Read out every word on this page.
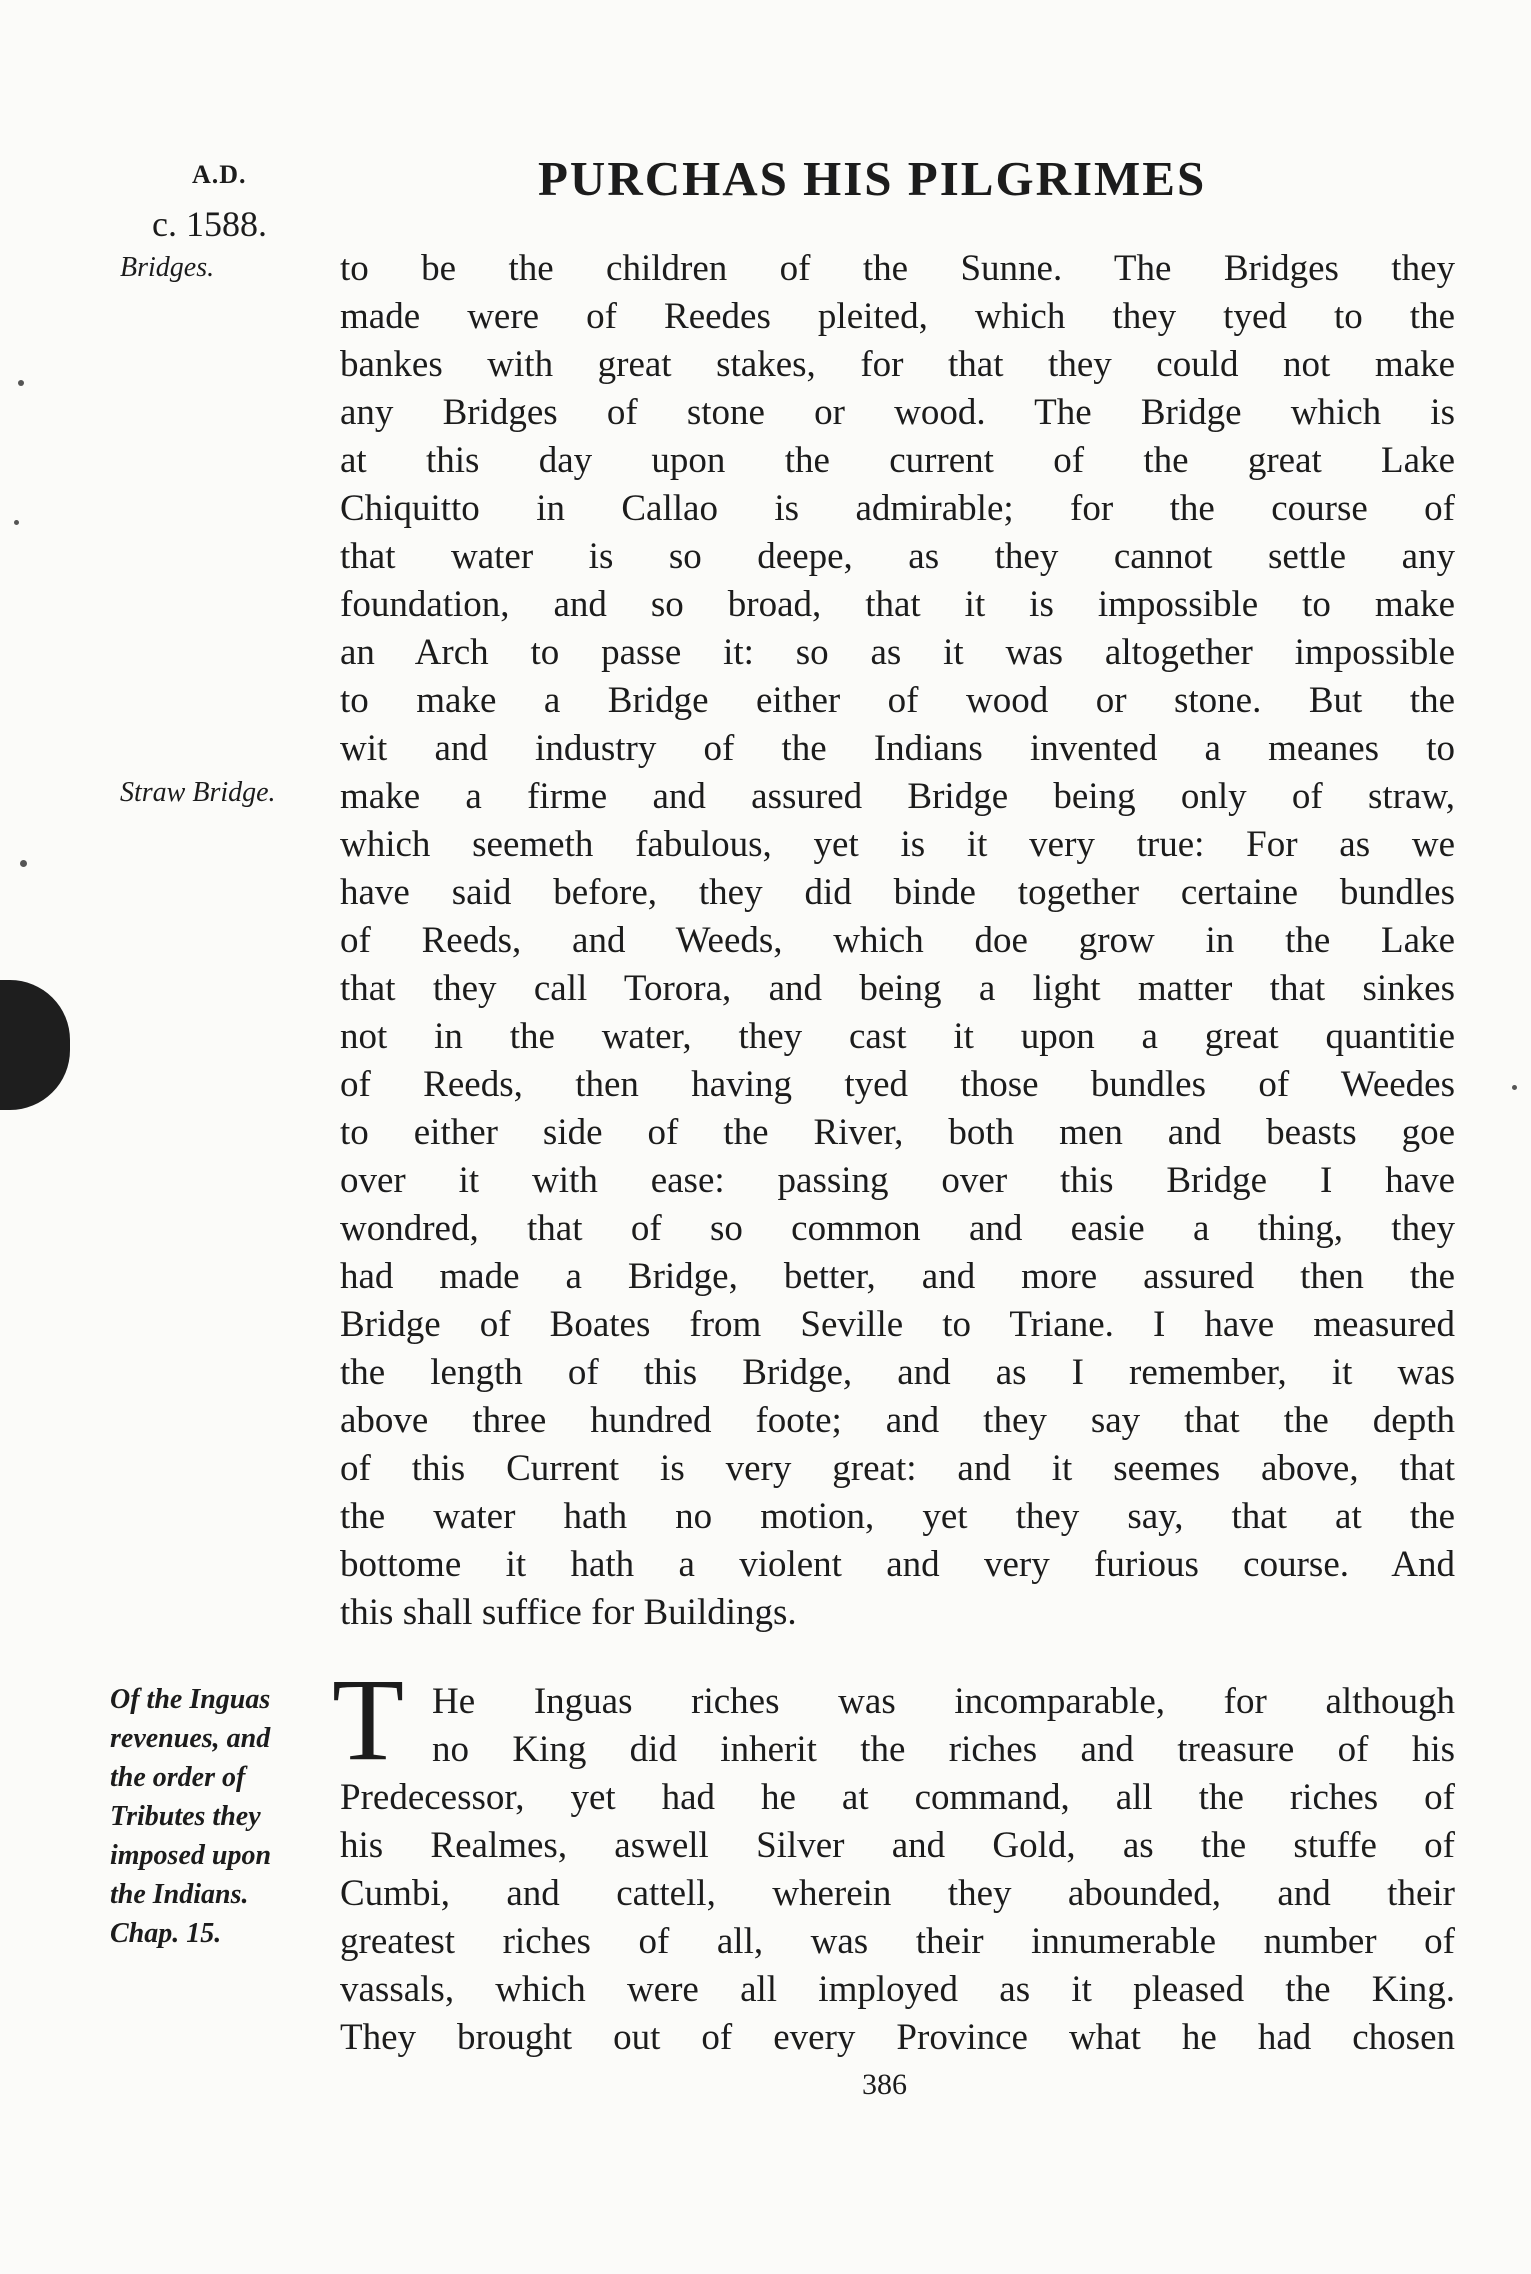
A.D.
c. 1588.
PURCHAS HIS PILGRIMES
Bridges.
Straw Bridge.
Of the Inguas
revenues, and
the order of
Tributes they
imposed upon
the Indians.
Chap. 15.
to be the children of the Sunne. The Bridges they
made were of Reedes pleited, which they tyed to the
bankes with great stakes, for that they could not make
any Bridges of stone or wood. The Bridge which is
at this day upon the current of the great Lake
Chiquitto in Callao is admirable; for the course of
that water is so deepe, as they cannot settle any
foundation, and so broad, that it is impossible to make
an Arch to passe it: so as it was altogether impossible
to make a Bridge either of wood or stone. But the
wit and industry of the Indians invented a meanes to
make a firme and assured Bridge being only of straw,
which seemeth fabulous, yet is it very true: For as we
have said before, they did binde together certaine bundles
of Reeds, and Weeds, which doe grow in the Lake
that they call Torora, and being a light matter that sinkes
not in the water, they cast it upon a great quantitie
of Reeds, then having tyed those bundles of Weedes
to either side of the River, both men and beasts goe
over it with ease: passing over this Bridge I have
wondred, that of so common and easie a thing, they
had made a Bridge, better, and more assured then the
Bridge of Boates from Seville to Triane. I have measured
the length of this Bridge, and as I remember, it was
above three hundred foote; and they say that the depth
of this Current is very great: and it seemes above, that
the water hath no motion, yet they say, that at the
bottome it hath a violent and very furious course. And
this shall suffice for Buildings.
T He Inguas riches was incomparable, for although
no King did inherit the riches and treasure of his
Predecessor, yet had he at command, all the riches of
his Realmes, aswell Silver and Gold, as the stuffe of
Cumbi, and cattell, wherein they abounded, and their
greatest riches of all, was their innumerable number of
vassals, which were all imployed as it pleased the King.
They brought out of every Province what he had chosen
386
